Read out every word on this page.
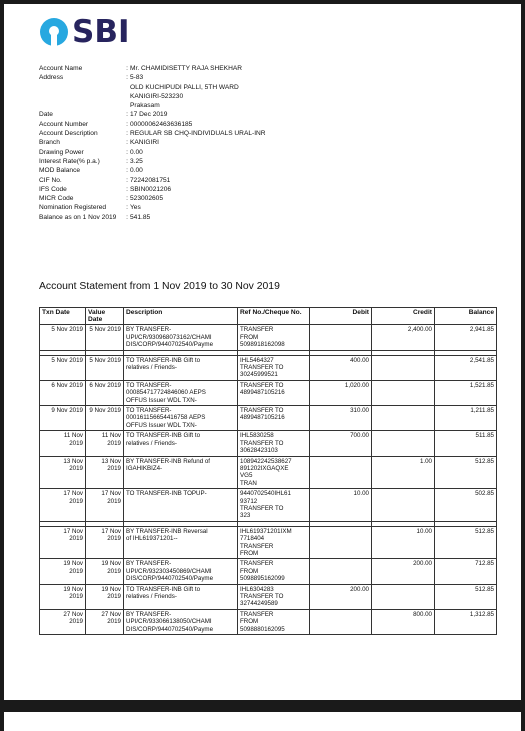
SBI
Account Name	: Mr. CHAMIDISETTY RAJA SHEKHAR
Address	: 5-83
OLD KUCHIPUDI PALLI, 5TH WARD
KANIGIRI-523230
Prakasam
Date	: 17 Dec 2019
Account Number	: 00000062463636185
Account Description	: REGULAR SB CHQ-INDIVIDUALS URAL-INR
Branch	: KANIGIRI
Drawing Power	: 0.00
Interest Rate(% p.a.)	: 3.25
MOD Balance	: 0.00
CIF No.	: 72242081751
IFS Code	: SBIN0021206
MICR Code	: 523002605
Nomination Registered	: Yes
Balance as on 1 Nov 2019	: 541.85
Account Statement from 1 Nov 2019 to 30 Nov 2019
Txn Date	Value Date	Description	Ref No./Cheque No.	Debit	Credit	Balance
5 Nov 2019	5 Nov 2019	BY TRANSFER-
UPI/CR/930968073162/CHAMI
DIS/CORP/9440702540/Payme	TRANSFER
FROM
5098918162098		2,400.00	2,941.85

5 Nov 2019	5 Nov 2019	TO TRANSFER-INB Gift to
relatives / Friends-	IHL5464327
TRANSFER TO
30245999521	400.00		2,541.85
6 Nov 2019	6 Nov 2019	TO TRANSFER-
000854717724846060 AEPS
OFFUS Issuer WDL TXN-	TRANSFER TO
4899487105216	1,020.00		1,521.85
9 Nov 2019	9 Nov 2019	TO TRANSFER-
000161156654416758 AEPS
OFFUS Issuer WDL TXN-	TRANSFER TO
4899487105216	310.00		1,211.85
11 Nov
2019	11 Nov
2019	TO TRANSFER-INB Gift to
relatives / Friends-	IHL5830258
TRANSFER TO
30628423103	700.00		511.85
13 Nov
2019	13 Nov
2019	BY TRANSFER-INB Refund of
IGAHIKBIZ4-	108942242538627
891202IXGAQXE
VG5
TRAN		1.00	512.85
17 Nov
2019	17 Nov
2019	TO TRANSFER-INB TOPUP-	9440702540IHL61
93712
TRANSFER TO
323	10.00		502.85

17 Nov
2019	17 Nov
2019	BY TRANSFER-INB Reversal
of IHL619371201--	IHL619371201IXM
7718404
TRANSFER
FROM		10.00	512.85
19 Nov
2019	19 Nov
2019	BY TRANSFER-
UPI/CR/932303450869/CHAMI
DIS/CORP/9440702540/Payme	TRANSFER
FROM
5098895162099		200.00	712.85
19 Nov
2019	19 Nov
2019	TO TRANSFER-INB Gift to
relatives / Friends-	IHL6304283
TRANSFER TO
32744249589	200.00		512.85
27 Nov
2019	27 Nov
2019	BY TRANSFER-
UPI/CR/933066138050/CHAMI
DIS/CORP/9440702540/Payme	TRANSFER
FROM
5098880162095		800.00	1,312.85
